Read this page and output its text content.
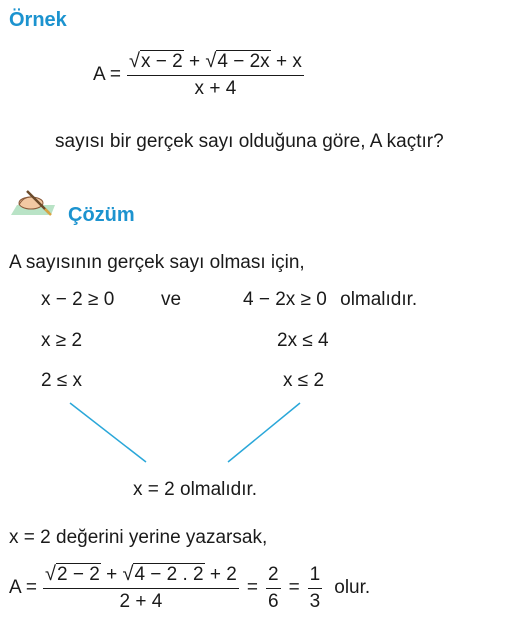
Örnek
$A = \frac{√x - 2 + √4 - 2x + x}{x + 4}$
sayısı bir gerçek sayı olduğuna göre, A kaçtır?
Çözüm
A sayısının gerçek sayı olması için,
x − 2 ≥ 0
x ≥ 2
2 ≤ x
ve	4 − 2x ≥ 0 olmalıdır.
2x ≤ 4
x ≤ 2
x = 2 olmalıdır.
x = 2 değerini yerine yazarsak,
$A = \frac{√2 - 2 + √4 - 2 . 2 + 2}{2 + 4} = \frac{2}{6} = \frac{1}{3}$ olur.
